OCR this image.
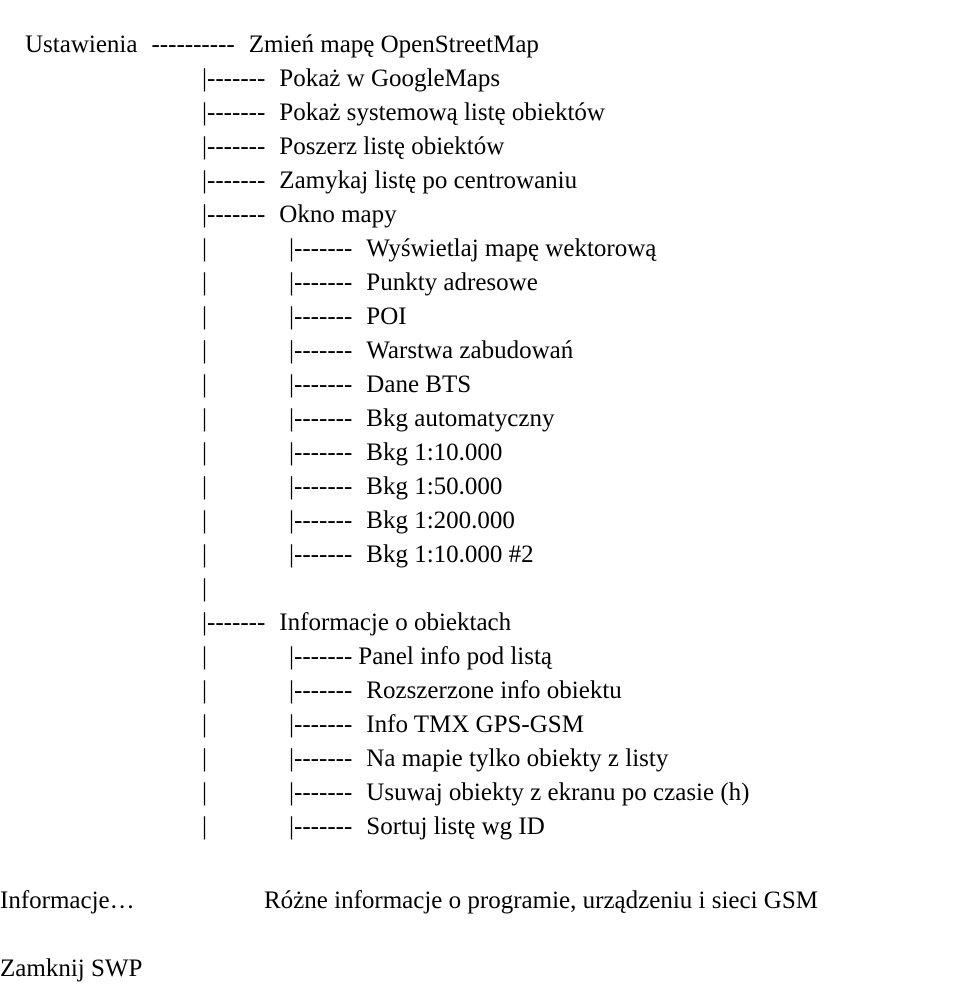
Ustawienia ---------- Zmień mapę OpenStreetMap

|------- Pokaż w GoogleMaps

|------- Pokaż systemową listę obiektów

|------- Poszerz listę obiektów

|------- Zamykaj listę po centrowaniu

|------- Okno mapy

|
	|------- Wyświetlaj mapę wektorową

|
	|------- Punkty adresowe

|
	|------- POI

|
	|------- Warstwa zabudowań

|
	|------- Dane BTS

|
	|------- Bkg automatyczny

|
	|------- Bkg 1:10.000

|
	|------- Bkg 1:50.000

|
	|------- Bkg 1:200.000

|
	|------- Bkg 1:10.000 #2

|

|------- Informacje o obiektach

|
	|------- Panel info pod listą

|
	|------- Rozszerzone info obiektu

|
	|------- Info TMX GPS-GSM

|
	|------- Na mapie tylko obiekty z listy

|
	|------- Usuwaj obiekty z ekranu po czasie (h)

|
	|------- Sortuj listę wg ID

Informacje…	Różne informacje o programie, urządzeniu i sieci GSM
Zamknij SWP
